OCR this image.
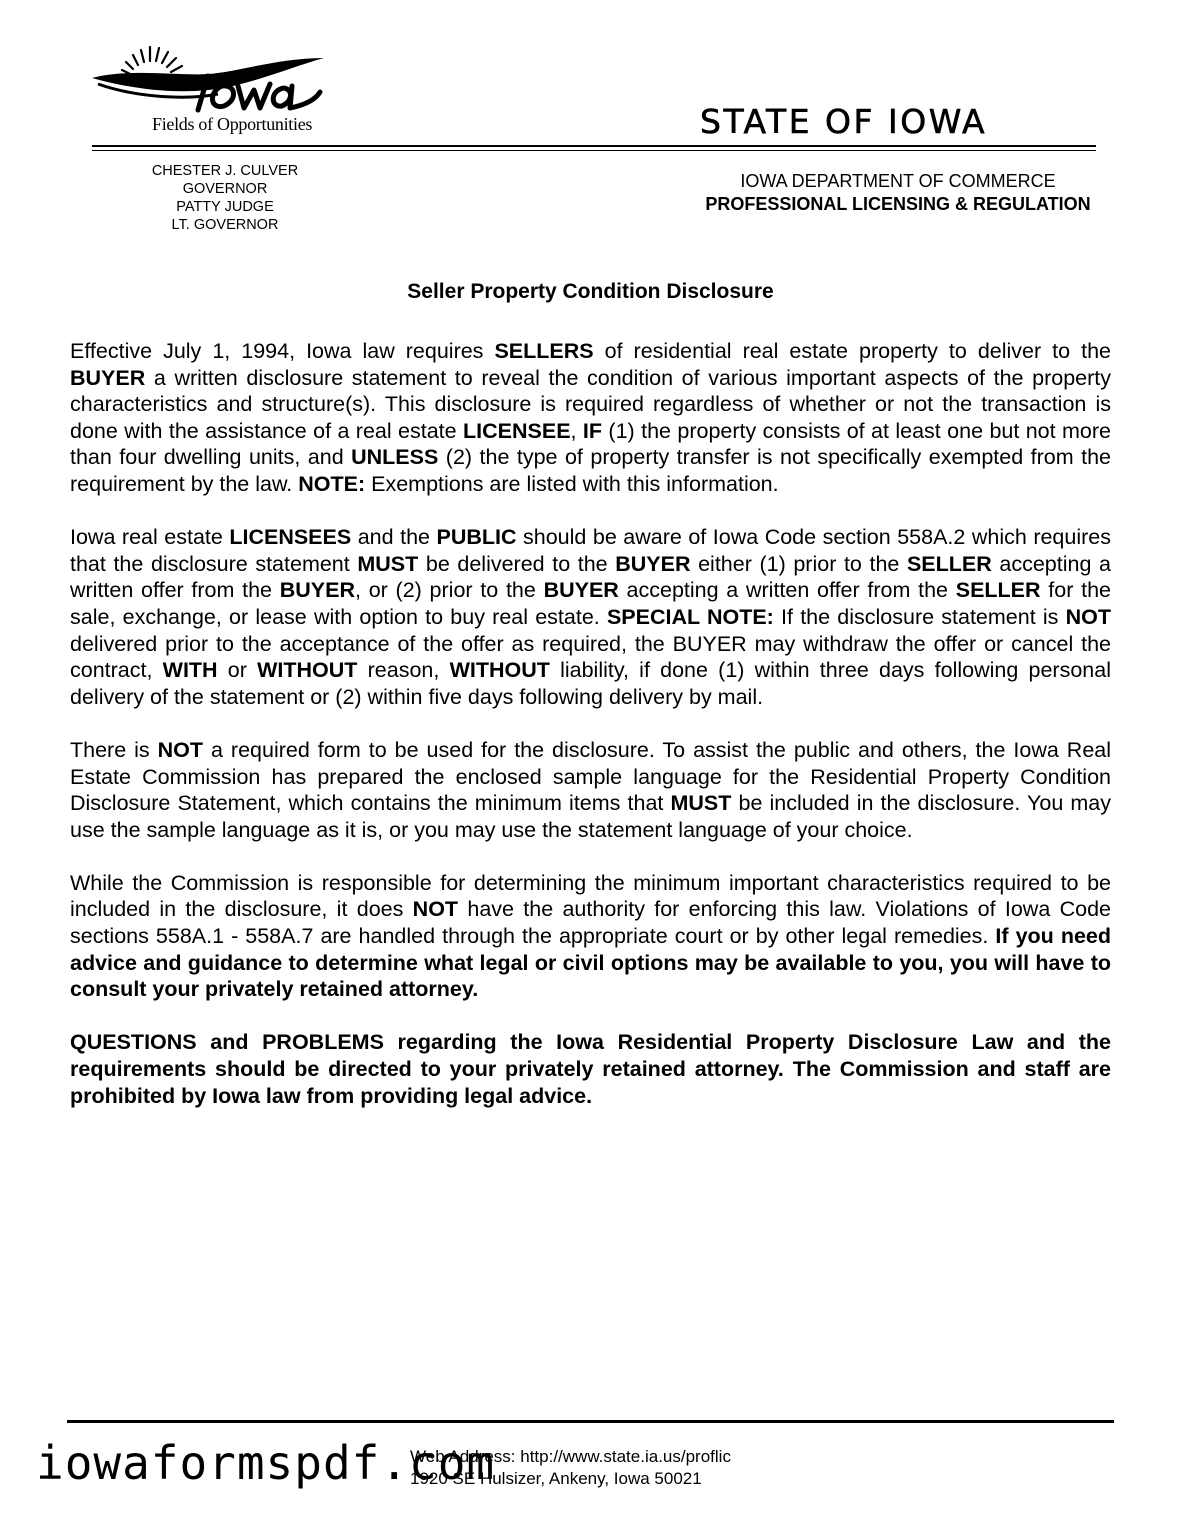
Fields of Opportunities	STATE OF IOWA
CHESTER J. CULVER
GOVERNOR
PATTY JUDGE
LT. GOVERNOR
IOWA DEPARTMENT OF COMMERCE
PROFESSIONAL LICENSING & REGULATION
Seller Property Condition Disclosure

Effective July 1, 1994, Iowa law requires SELLERS of residential real estate property to deliver to the BUYER a written disclosure statement to reveal the condition of various important aspects of the property characteristics and structure(s). This disclosure is required regardless of whether or not the transaction is done with the assistance of a real estate LICENSEE, IF (1) the property consists of at least one but not more than four dwelling units, and UNLESS (2) the type of property transfer is not specifically exempted from the requirement by the law. NOTE: Exemptions are listed with this information.

Iowa real estate LICENSEES and the PUBLIC should be aware of Iowa Code section 558A.2 which requires that the disclosure statement MUST be delivered to the BUYER either (1) prior to the SELLER accepting a written offer from the BUYER, or (2) prior to the BUYER accepting a written offer from the SELLER for the sale, exchange, or lease with option to buy real estate. SPECIAL NOTE: If the disclosure statement is NOT delivered prior to the acceptance of the offer as required, the BUYER may withdraw the offer or cancel the contract, WITH or WITHOUT reason, WITHOUT liability, if done (1) within three days following personal delivery of the statement or (2) within five days following delivery by mail.

There is NOT a required form to be used for the disclosure. To assist the public and others, the Iowa Real Estate Commission has prepared the enclosed sample language for the Residential Property Condition Disclosure Statement, which contains the minimum items that MUST be included in the disclosure. You may use the sample language as it is, or you may use the statement language of your choice.

While the Commission is responsible for determining the minimum important characteristics required to be included in the disclosure, it does NOT have the authority for enforcing this law. Violations of Iowa Code sections 558A.1 - 558A.7 are handled through the appropriate court or by other legal remedies. If you need advice and guidance to determine what legal or civil options may be available to you, you will have to consult your privately retained attorney.

QUESTIONS and PROBLEMS regarding the Iowa Residential Property Disclosure Law and the requirements should be directed to your privately retained attorney. The Commission and staff are prohibited by Iowa law from providing legal advice.

Web Address: http://www.state.ia.us/proflic
1920 SE Hulsizer, Ankeny, Iowa 50021
iowaformspdf.com
